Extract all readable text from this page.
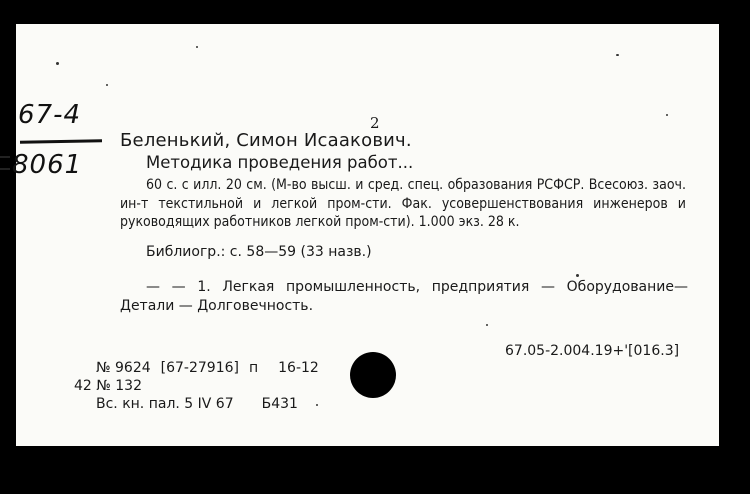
67-4
8061
2
Беленький, Симон Исаакович.
Методика проведения работ...
60 с. с илл. 20 см. (М-во высш. и сред. спец. образования РСФСР. Всесоюз. заоч. ин-т текстильной и легкой пром-сти. Фак. усовершенствования инженеров и руководящих работников легкой пром-сти). 1.000 экз. 28 к.
Библиогр.: с. 58—59 (33 назв.)
— — 1. Легкая промышленность, предприятия — Оборудование— Детали — Долговечность.
67.05-2.004.19+'[016.3]
№ 9624 [67-27916] п 16-12
42 № 132
Вс. кн. пал. 5 IV 67 Б431
